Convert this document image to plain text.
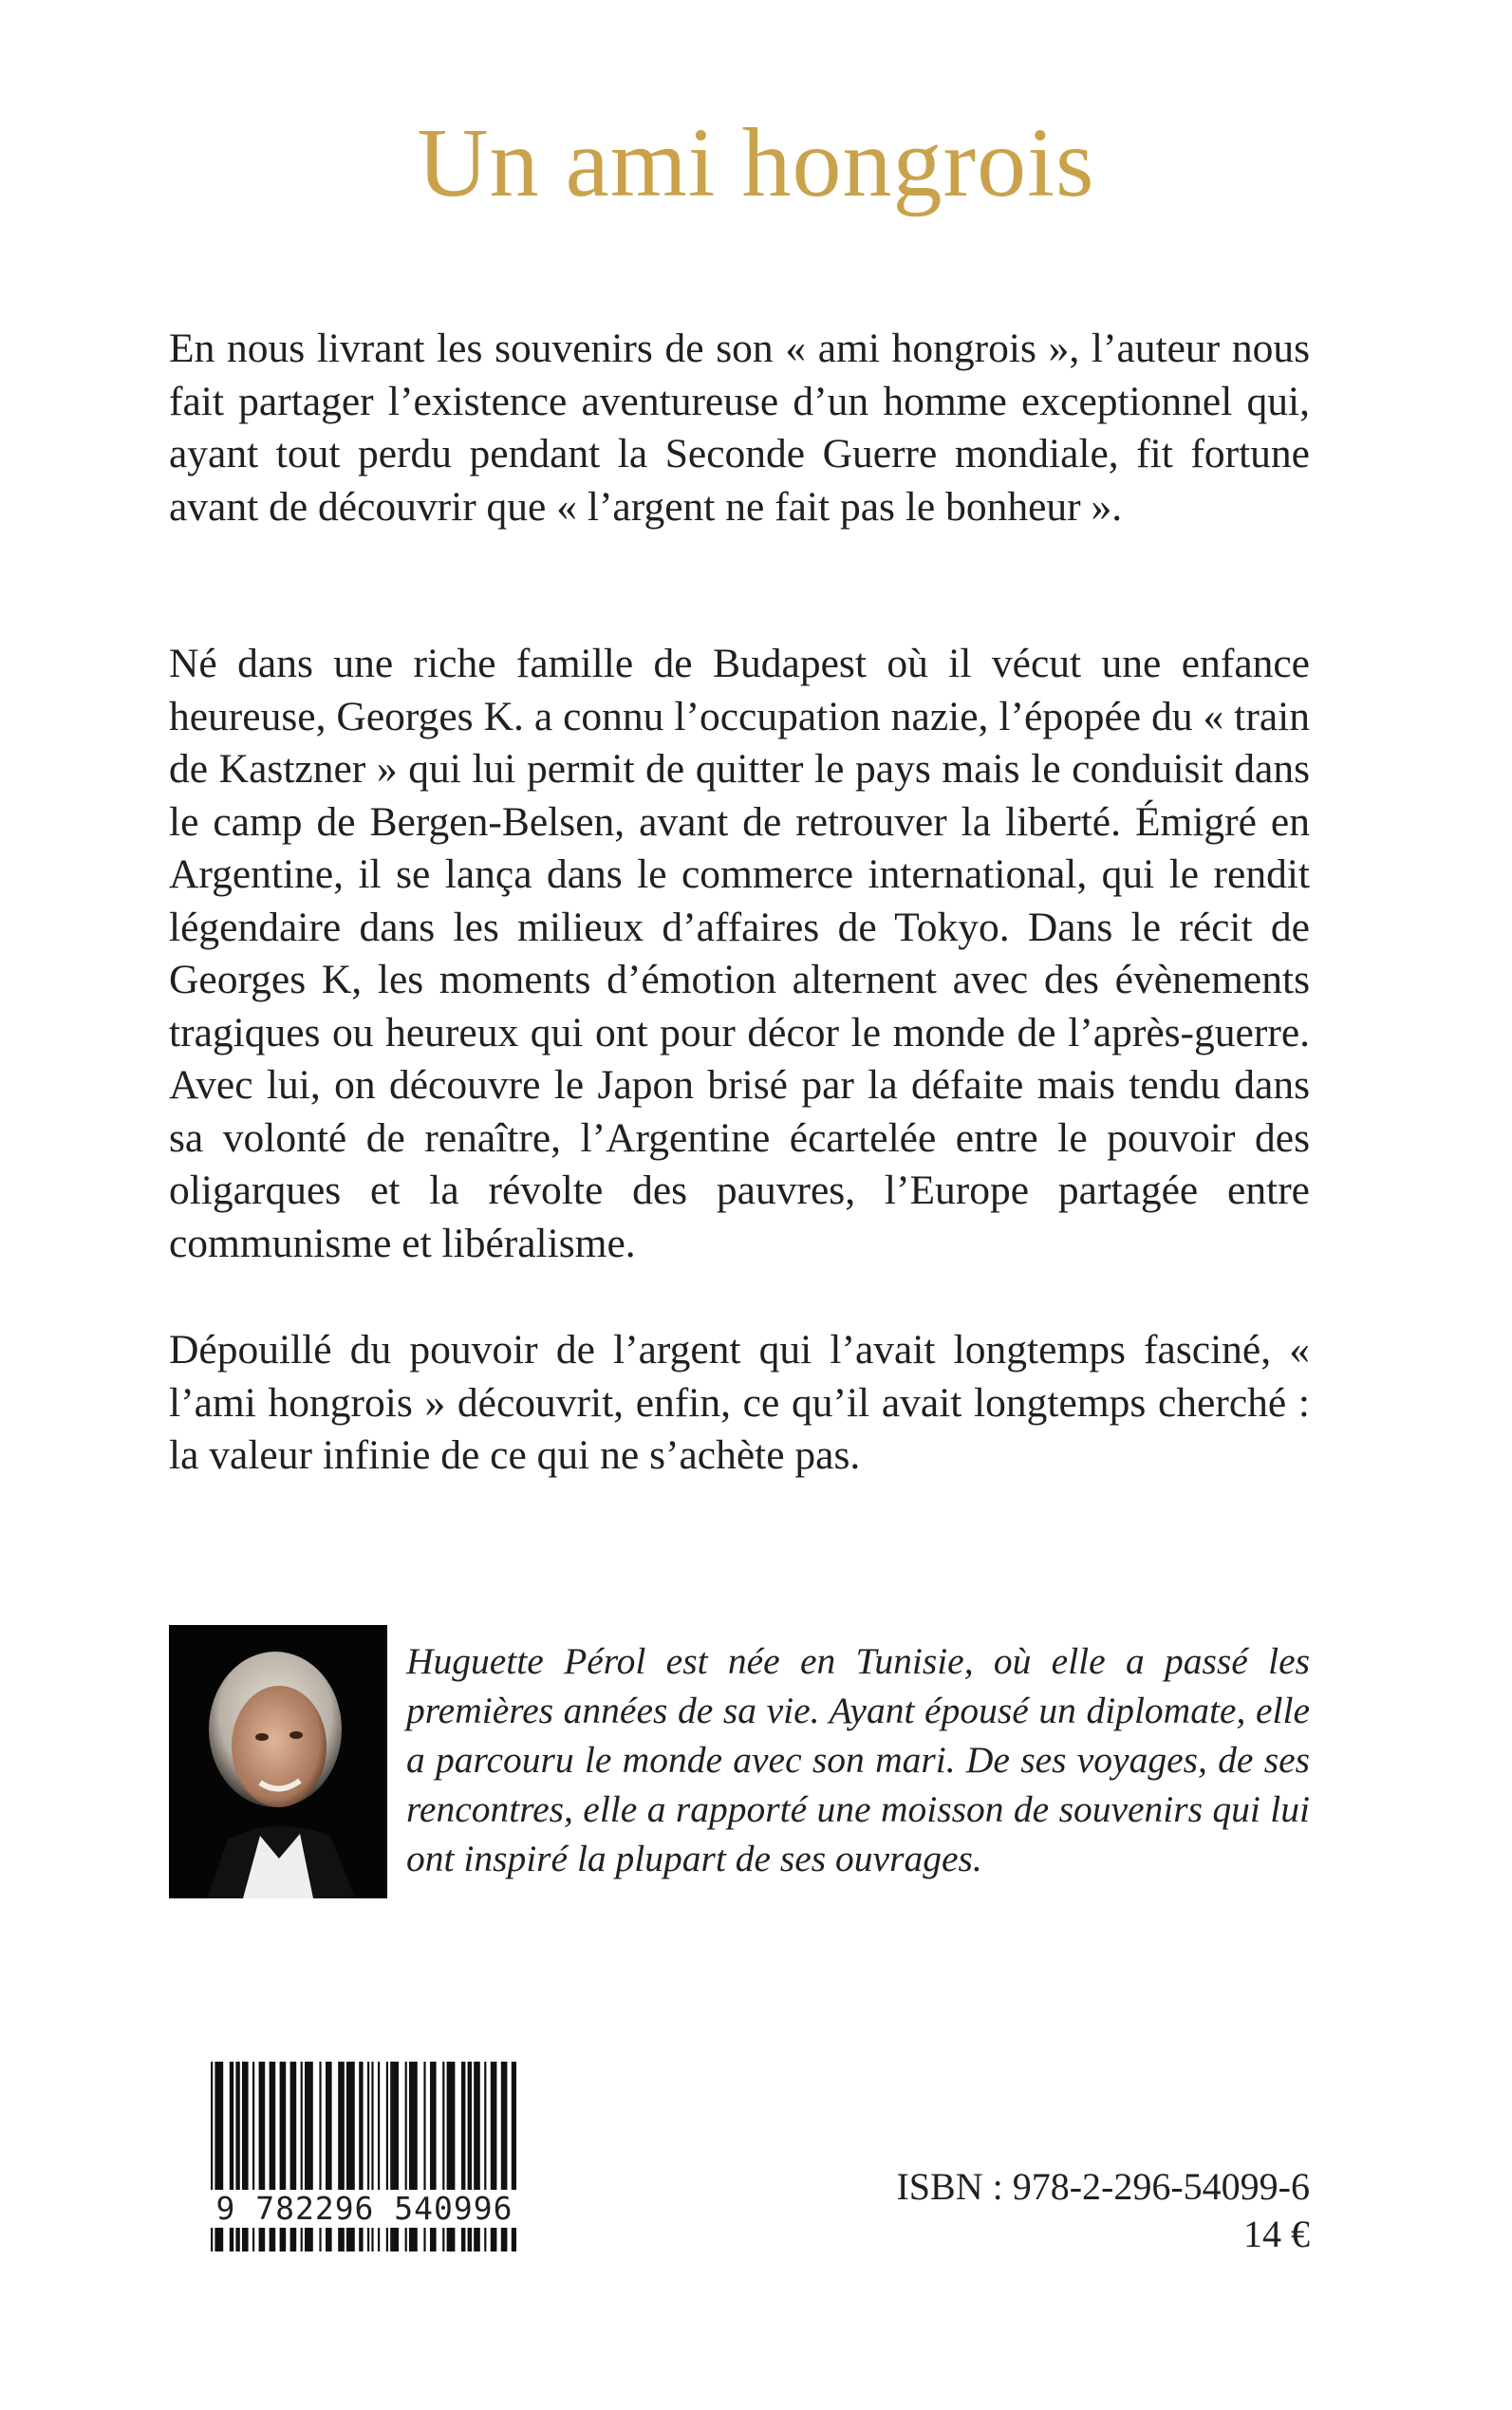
Un ami hongrois

En nous livrant les souvenirs de son « ami hongrois », l’auteur nous fait partager l’existence aventureuse d’un homme exceptionnel qui, ayant tout perdu pendant la Seconde Guerre mondiale, fit fortune avant de découvrir que « l’argent ne fait pas le bonheur ».

Né dans une riche famille de Budapest où il vécut une enfance heureuse, Georges K. a connu l’occupation nazie, l’épopée du « train de Kastzner » qui lui permit de quitter le pays mais le conduisit dans le camp de Bergen-Belsen, avant de retrouver la liberté. Émigré en Argentine, il se lança dans le commerce international, qui le rendit légendaire dans les milieux d’affaires de Tokyo. Dans le récit de Georges K, les moments d’émotion alternent avec des évènements tragiques ou heureux qui ont pour décor le monde de l’après-guerre. Avec lui, on découvre le Japon brisé par la défaite mais tendu dans sa volonté de renaître, l’Argentine écartelée entre le pouvoir des oligarques et la révolte des pauvres, l’Europe partagée entre communisme et libéralisme.

Dépouillé du pouvoir de l’argent qui l’avait longtemps fasciné, « l’ami hongrois » découvrit, enfin, ce qu’il avait longtemps cherché : la valeur infinie de ce qui ne s’achète pas.

Huguette Pérol est née en Tunisie, où elle a passé les premières années de sa vie. Ayant épousé un diplomate, elle a parcouru le monde avec son mari. De ses voyages, de ses rencontres, elle a rapporté une moisson de souvenirs qui lui ont inspiré la plupart de ses ouvrages.

9 782296 540996
ISBN : 978-2-296-54099-6
14 €
